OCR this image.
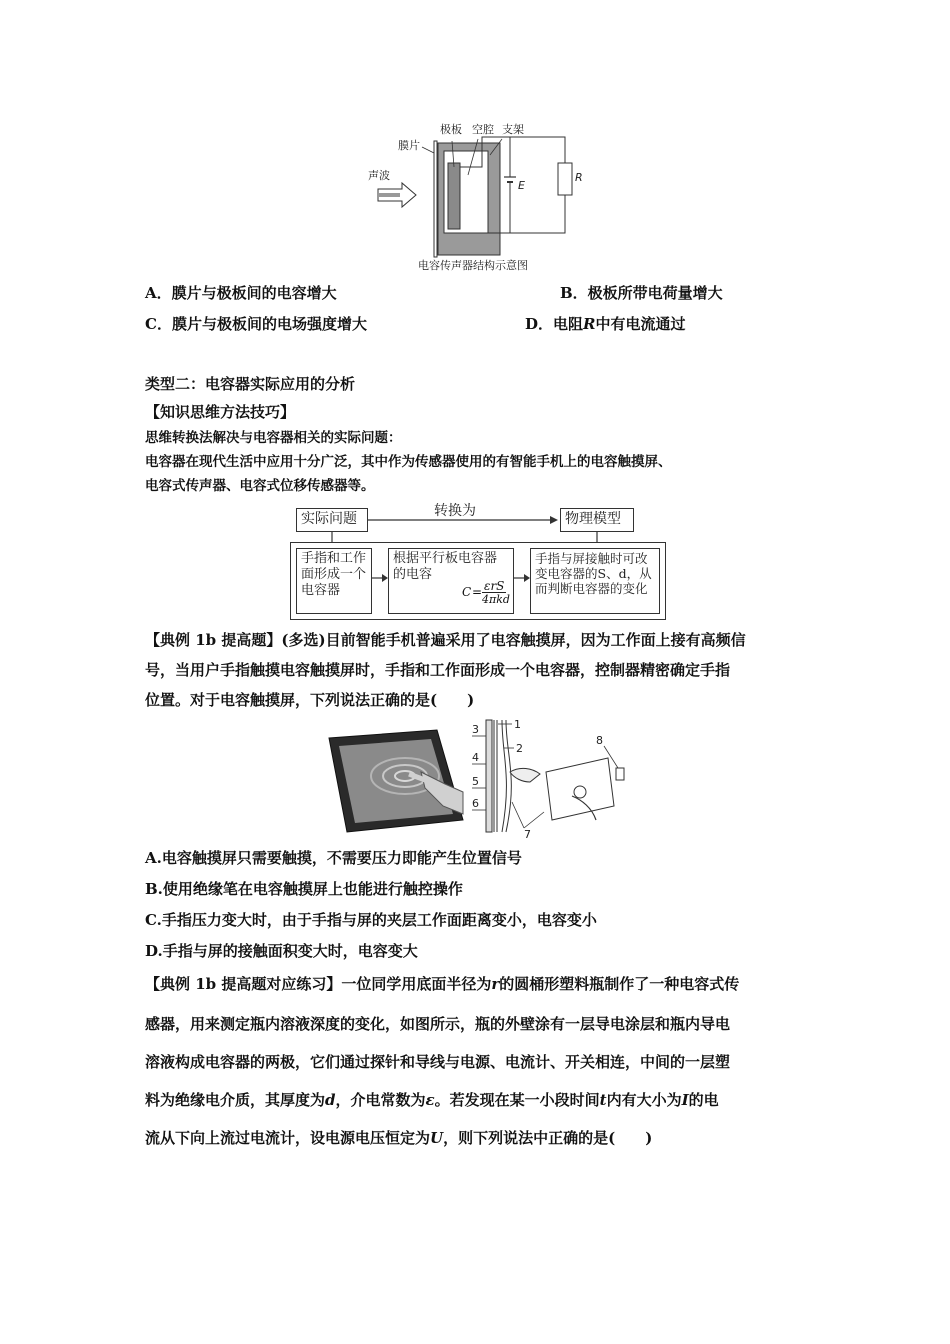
膜片
极板 空腔 支架
声波
E
R
电容传声器结构示意图
A．膜片与极板间的电容增大	B．极板所带电荷量增大
C．膜片与极板间的电场强度增大	D．电阻R中有电流通过
类型二：电容器实际应用的分析
【知识思维方法技巧】
思维转换法解决与电容器相关的实际问题：
电容器在现代生活中应用十分广泛，其中作为传感器使用的有智能手机上的电容触摸屏、
电容式传声器、电容式位移传感器等。
实际问题	转换为	物理模型
手指和工作面形成一个电容器
根据平行板电容器的电容
C = εrS
4πkd
手指与屏接触时可改变电容器的S、d，从而判断电容器的变化
【典例 1b 提高题】(多选)目前智能手机普遍采用了电容触摸屏，因为工作面上接有高频信
号，当用户手指触摸电容触摸屏时，手指和工作面形成一个电容器，控制器精密确定手指
位置。对于电容触摸屏，下列说法正确的是(　　)
3
4
5
6
1
2
8
7
A.电容触摸屏只需要触摸，不需要压力即能产生位置信号
B.使用绝缘笔在电容触摸屏上也能进行触控操作
C.手指压力变大时，由于手指与屏的夹层工作面距离变小，电容变小
D.手指与屏的接触面积变大时，电容变大
【典例 1b 提高题对应练习】一位同学用底面半径为r的圆桶形塑料瓶制作了一种电容式传
感器，用来测定瓶内溶液深度的变化，如图所示，瓶的外壁涂有一层导电涂层和瓶内导电
溶液构成电容器的两极，它们通过探针和导线与电源、电流计、开关相连，中间的一层塑
料为绝缘电介质，其厚度为d，介电常数为ε。若发现在某一小段时间t内有大小为I的电
流从下向上流过电流计，设电源电压恒定为U，则下列说法中正确的是(　　)
